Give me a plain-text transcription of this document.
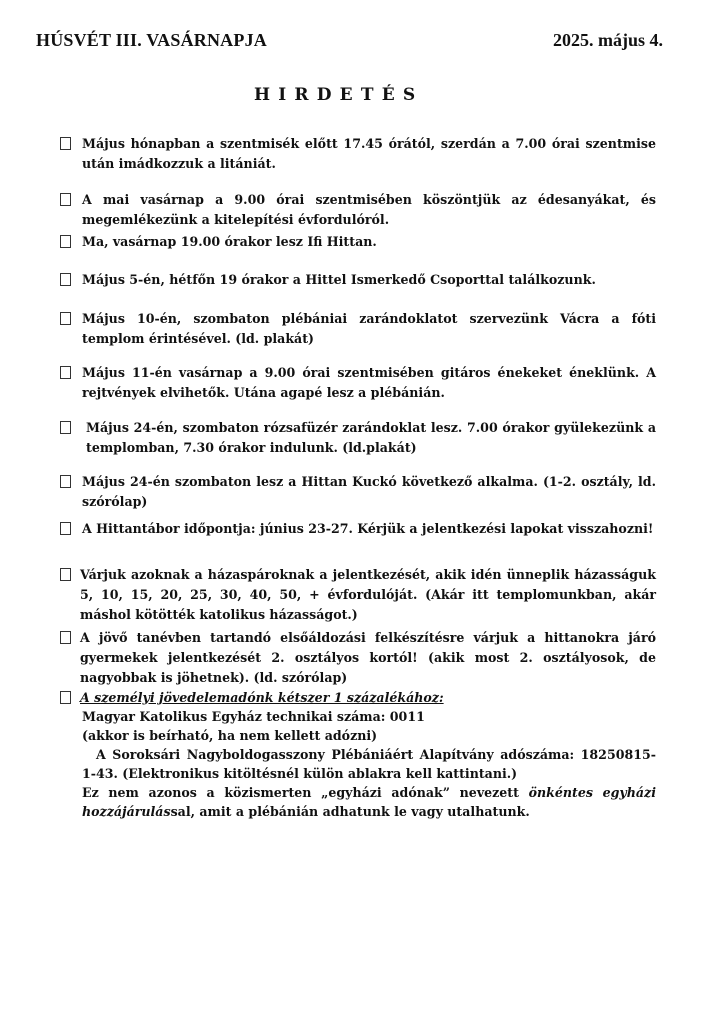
HÚSVÉT III. VASÁRNAPJA	2025. május 4.
HIRDETÉS
Május hónapban a szentmisék előtt 17.45 órától, szerdán a 7.00 órai szentmise után imádkozzuk a litániát.
A mai vasárnap a 9.00 órai szentmisében köszöntjük az édesanyákat, és megemlékezünk a kitelepítési évfordulóról.
Ma, vasárnap 19.00 órakor lesz Ifi Hittan.
Május 5-én, hétfőn 19 órakor a Hittel Ismerkedő Csoporttal találkozunk.
Május 10-én, szombaton plébániai zarándoklatot szervezünk Vácra a fóti templom érintésével. (ld. plakát)
Május 11-én vasárnap a 9.00 órai szentmisében gitáros énekeket éneklünk. A rejtvények elvihetők. Utána agapé lesz a plébánián.
Május 24-én, szombaton rózsafüzér zarándoklat lesz. 7.00 órakor gyülekezünk a templomban, 7.30 órakor indulunk. (ld.plakát)
Május 24-én szombaton lesz a Hittan Kuckó következő alkalma. (1-2. osztály, ld. szórólap)
A Hittantábor időpontja: június 23-27. Kérjük a jelentkezési lapokat visszahozni!
Várjuk azoknak a házaspároknak a jelentkezését, akik idén ünneplik házasságuk 5, 10, 15, 20, 25, 30, 40, 50, + évfordulóját. (Akár itt templomunkban, akár máshol kötötték katolikus házasságot.)
A jövő tanévben tartandó elsőáldozási felkészítésre várjuk a hittanokra járó gyermekek jelentkezését 2. osztályos kortól! (akik most 2. osztályosok, de nagyobbak is jöhetnek). (ld. szórólap)
A személyi jövedelemadónk kétszer 1 százalékához:
Magyar Katolikus Egyház technikai száma: 0011
(akkor is beírható, ha nem kellett adózni)
A Soroksári Nagyboldogasszony Plébániáért Alapítvány adószáma: 18250815-1-43. (Elektronikus kitöltésnél külön ablakra kell kattintani.)
Ez nem azonos a közismerten „egyházi adónak” nevezett önkéntes egyházi hozzájárulással, amit a plébánián adhatunk le vagy utalhatunk.
